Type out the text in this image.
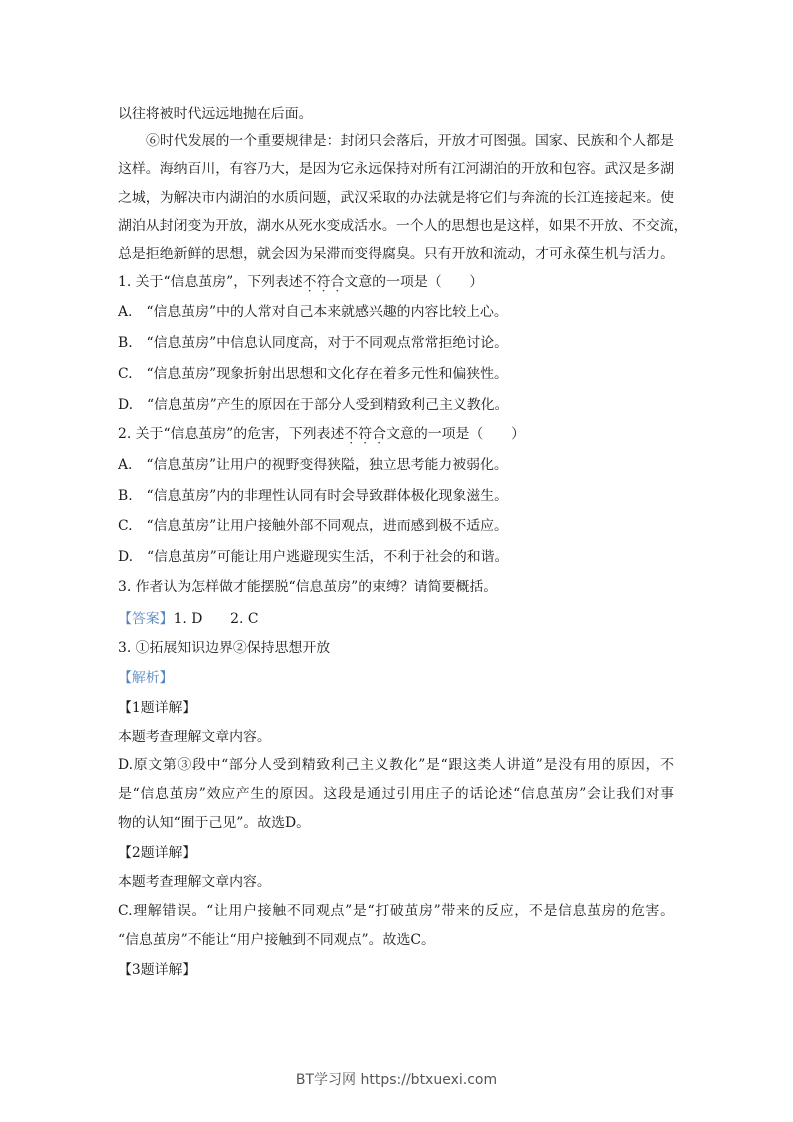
以往将被时代远远地抛在后面。
⑥时代发展的一个重要规律是：封闭只会落后，开放才可图强。国家、民族和个人都是
这样。海纳百川，有容乃大，是因为它永远保持对所有江河湖泊的开放和包容。武汉是多湖
之城，为解决市内湖泊的水质问题，武汉采取的办法就是将它们与奔流的长江连接起来。使
湖泊从封闭变为开放，湖水从死水变成活水。一个人的思想也是这样，如果不开放、不交流，
总是拒绝新鲜的思想，就会因为呆滞而变得腐臭。只有开放和流动，才可永葆生机与活力。
1. 关于“信息茧房”，下列表述不符合文意的一项是（　　）
A.　“信息茧房”中的人常对自己本来就感兴趣的内容比较上心。
B.　“信息茧房”中信息认同度高，对于不同观点常常拒绝讨论。
C.　“信息茧房”现象折射出思想和文化存在着多元性和偏狭性。
D.　“信息茧房”产生的原因在于部分人受到精致利己主义教化。
2. 关于“信息茧房”的危害，下列表述不符合文意的一项是（　　）
A.　“信息茧房”让用户的视野变得狭隘，独立思考能力被弱化。
B.　“信息茧房”内的非理性认同有时会导致群体极化现象滋生。
C.　“信息茧房”让用户接触外部不同观点，进而感到极不适应。
D.　“信息茧房”可能让用户逃避现实生活，不利于社会的和谐。
3. 作者认为怎样做才能摆脱“信息茧房”的束缚？请简要概括。
【答案】1. D　　2. C
3. ①拓展知识边界②保持思想开放
【解析】
【1题详解】
本题考查理解文章内容。
D.原文第③段中“部分人受到精致利己主义教化”是“跟这类人讲道”是没有用的原因，不
是“信息茧房”效应产生的原因。这段是通过引用庄子的话论述“信息茧房”会让我们对事
物的认知“囿于己见”。故选D。
【2题详解】
本题考查理解文章内容。
C.理解错误。“让用户接触不同观点”是“打破茧房”带来的反应，不是信息茧房的危害。
“信息茧房”不能让“用户接触到不同观点”。故选C。
【3题详解】
BT学习网 https://btxuexi.com
